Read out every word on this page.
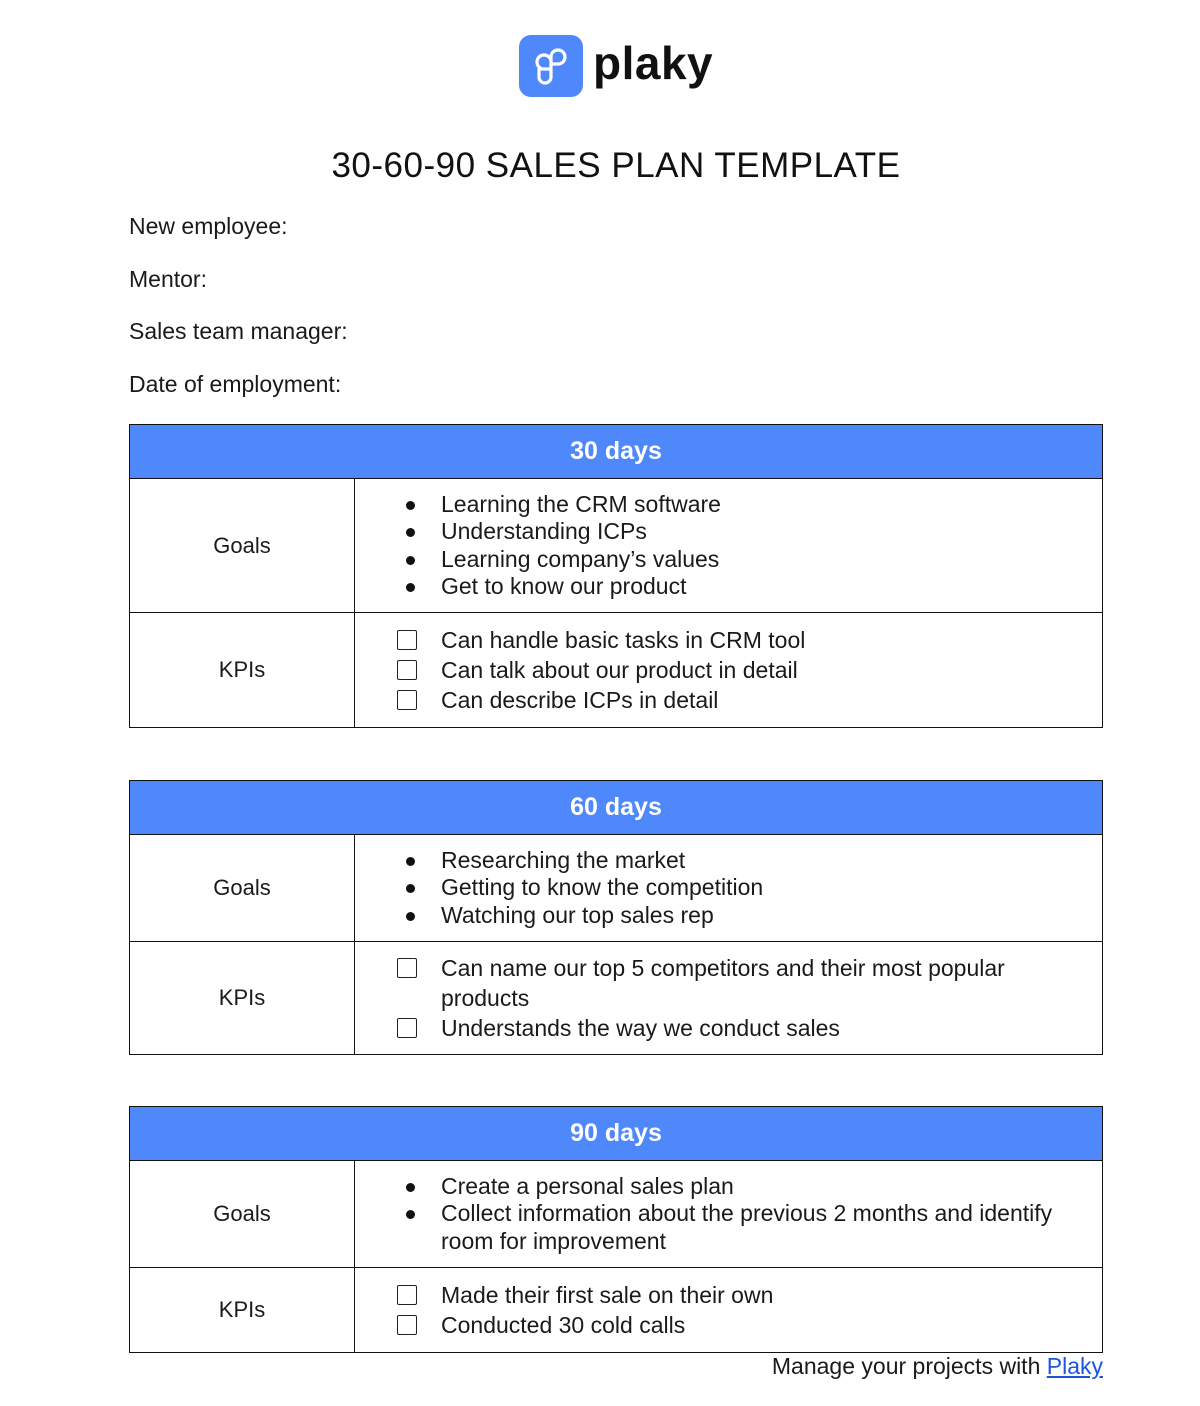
plaky
30-60-90 SALES PLAN TEMPLATE
New employee:
Mentor:
Sales team manager:
Date of employment:
30 days
Goals
Learning the CRM software
Understanding ICPs
Learning company’s values
Get to know our product
KPIs
Can handle basic tasks in CRM tool
Can talk about our product in detail
Can describe ICPs in detail
60 days
Goals
Researching the market
Getting to know the competition
Watching our top sales rep
KPIs
Can name our top 5 competitors and their most popular products
Understands the way we conduct sales
90 days
Goals
Create a personal sales plan
Collect information about the previous 2 months and identify room for improvement
KPIs
Made their first sale on their own
Conducted 30 cold calls
Manage your projects with Plaky
